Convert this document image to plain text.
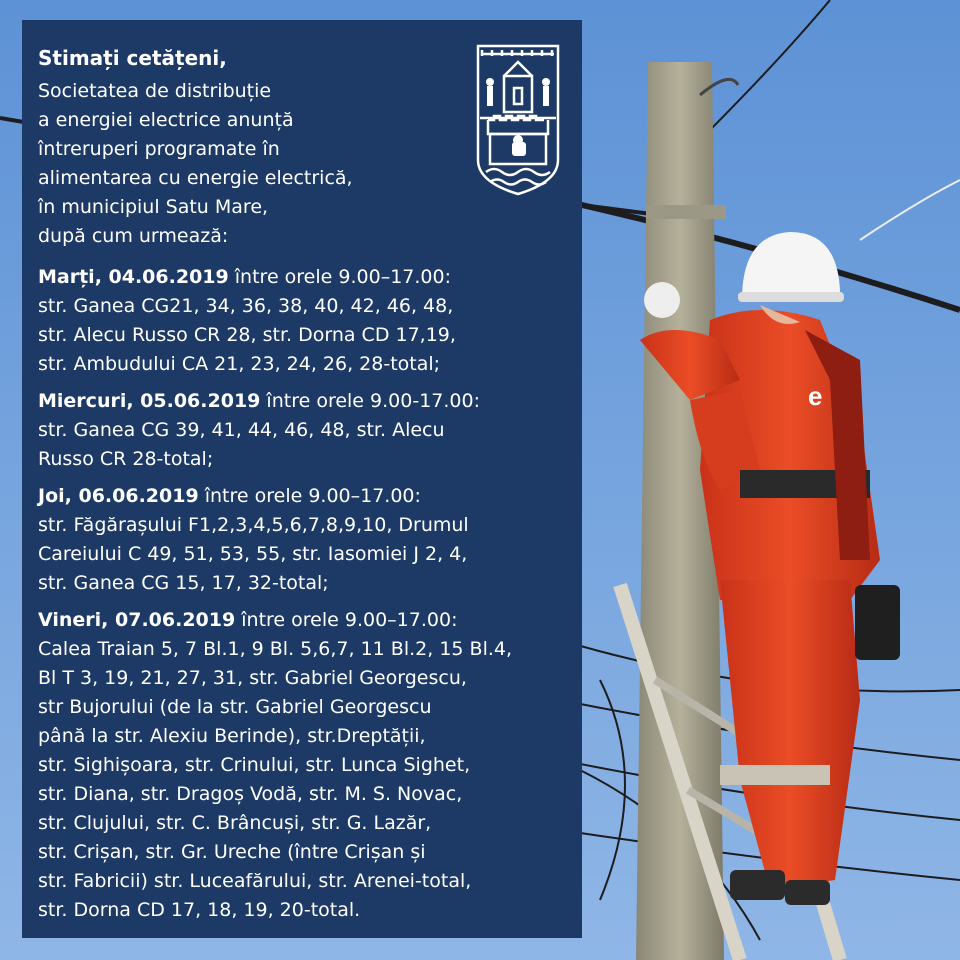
e
Stimați cetățeni,
Societatea de distribuție
a energiei electrice anunță
întreruperi programate în
alimentarea cu energie electrică,
în municipiul Satu Mare,
după cum urmează:
Marți, 04.06.2019 între orele 9.00–17.00:
str. Ganea CG21, 34, 36, 38, 40, 42, 46, 48,
str. Alecu Russo CR 28, str. Dorna CD 17,19,
str. Ambudului CA 21, 23, 24, 26, 28-total;
Miercuri, 05.06.2019 între orele 9.00-17.00:
str. Ganea CG 39, 41, 44, 46, 48, str. Alecu
Russo CR 28-total;
Joi, 06.06.2019 între orele 9.00–17.00:
str. Făgărașului F1,2,3,4,5,6,7,8,9,10, Drumul
Careiului C 49, 51, 53, 55, str. Iasomiei J 2, 4,
str. Ganea CG 15, 17, 32-total;
Vineri, 07.06.2019 între orele 9.00–17.00:
Calea Traian 5, 7 Bl.1, 9 Bl. 5,6,7, 11 Bl.2, 15 Bl.4,
Bl T 3, 19, 21, 27, 31, str. Gabriel Georgescu,
str Bujorului (de la str. Gabriel Georgescu
până la str. Alexiu Berinde), str.Dreptății,
str. Sighișoara, str. Crinului, str. Lunca Sighet,
str. Diana, str. Dragoș Vodă, str. M. S. Novac,
str. Clujului, str. C. Brâncuși, str. G. Lazăr,
str. Crișan, str. Gr. Ureche (între Crișan și
str. Fabricii) str. Luceafărului, str. Arenei-total,
str. Dorna CD 17, 18, 19, 20-total.
